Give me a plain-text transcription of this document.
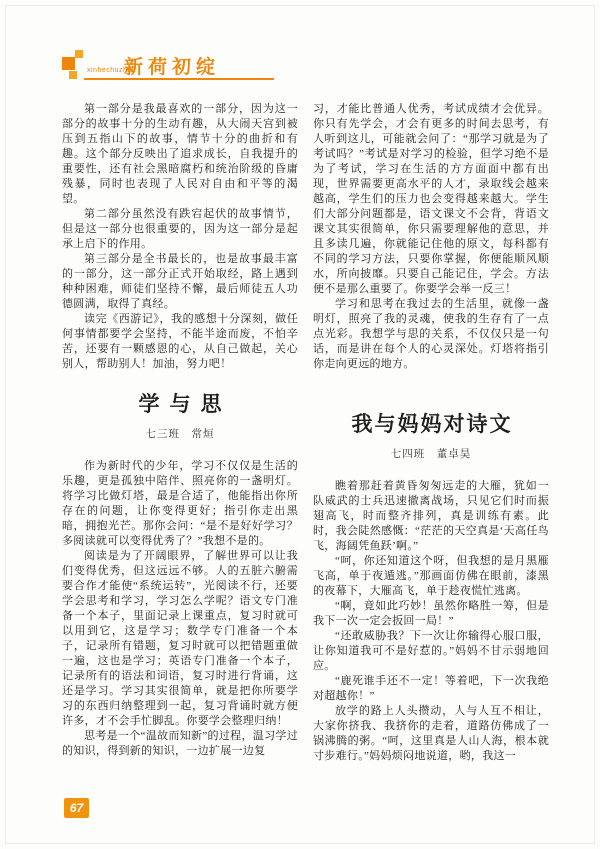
xinhechuzhan
新荷初绽

第一部分是我最喜欢的一部分，因为这一部分的故事十分的生动有趣，从大闹天宫到被压到五指山下的故事，情节十分的曲折和有趣。这个部分反映出了追求成长，自我提升的重要性，还有社会黑暗腐朽和统治阶级的昏庸残暴，同时也表现了人民对自由和平等的渴望。

第二部分虽然没有跌宕起伏的故事情节，但是这一部分也很重要的，因为这一部分是起承上启下的作用。

第三部分是全书最长的，也是故事最丰富的一部分，这一部分正式开始取经，路上遇到种种困难，师徒们坚持不懈，最后师徒五人功德圆满，取得了真经。

读完《西游记》，我的感想十分深刻，做任何事情都要学会坚持，不能半途而废，不怕辛苦，还要有一颗感恩的心，从自己做起，关心别人，帮助别人！加油，努力吧！

学与思
七三班　常烜

作为新时代的少年，学习不仅仅是生活的乐趣，更是孤独中陪伴、照亮你的一盏明灯。将学习比做灯塔，最是合适了，他能指出你所存在的问题，让你变得更好；指引你走出黑暗，拥抱光芒。那你会问：“是不是好好学习？多阅读就可以变得优秀了？”我想不是的。

阅读是为了开阔眼界，了解世界可以让我们变得优秀，但这远远不够。人的五脏六腑需要合作才能使“系统运转”，光阅读不行，还要学会思考和学习，学习怎么学呢？语文专门准备一个本子，里面记录上课重点，复习时就可以用到它，这是学习；数学专门准备一个本子，记录所有错题，复习时就可以把错题重做一遍，这也是学习；英语专门准备一个本子，记录所有的语法和词语，复习时进行背诵，这还是学习。学习其实很简单，就是把你所要学习的东西归纳整理到一起，复习背诵时就方便许多，才不会手忙脚乱。你要学会整理归纳！

思考是一个“温故而知新”的过程，温习学过的知识，得到新的知识，一边扩展一边复

习，才能比普通人优秀，考试成绩才会优异。你只有先学会，才会有更多的时间去思考，有人听到这儿，可能就会问了：“那学习就是为了考试吗？”考试是对学习的检验，但学习绝不是为了考试，学习在生活的方方面面中都有出现，世界需要更高水平的人才，录取线会越来越高，学生们的压力也会变得越来越大。学生们大部分问题都是，语文课文不会背，背语文课文其实很简单，你只需要理解他的意思，并且多读几遍，你就能记住他的原文，每科都有不同的学习方法，只要你掌握，你便能顺风顺水，所向披靡。只要自己能记住，学会。方法便不是那么重要了。你要学会举一反三！

学习和思考在我过去的生活里，就像一盏明灯，照亮了我的灵魂，使我的生存有了一点点光彩。我想学与思的关系，不仅仅只是一句话，而是讲在每个人的心灵深处。灯塔将指引你走向更远的地方。

我与妈妈对诗文
七四班　董卓昊

瞧着那赶着黄昏匆匆远走的大雁，犹如一队威武的士兵迅速撤离战场，只见它们时而振翅高飞，时而整齐排列，真是训练有素。此时，我会陡然感慨：“茫茫的天空真是‘天高任鸟飞，海阔凭鱼跃’啊。”

“呵，你还知道这个呀，但我想的是月黑雁飞高，单于夜遁逃。”那画面仿佛在眼前，漆黑的夜幕下，大雁高飞，单于趁夜慌忙逃离。

“啊，竟如此巧妙！虽然你略胜一筹，但是我下一次一定会扳回一局！”

“还敢威胁我？下一次让你输得心服口服，让你知道我可不是好惹的。”妈妈不甘示弱地回应。

“鹿死谁手还不一定！等着吧，下一次我绝对超越你！”

放学的路上人头攒动，人与人互不相让，大家你挤我、我挤你的走着，道路仿佛成了一锅沸腾的粥。“呵，这里真是人山人海，根本就寸步难行。”妈妈烦闷地说道，哟，我这一

67
